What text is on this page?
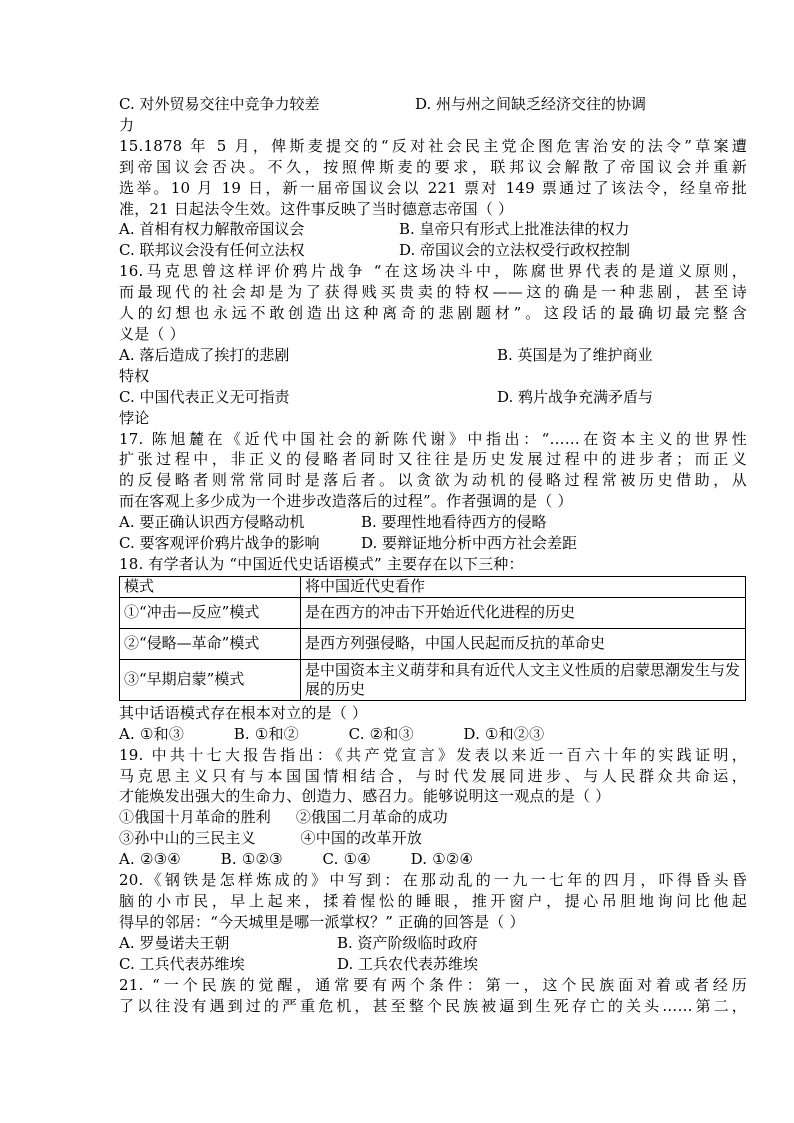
C. 对外贸易交往中竞争力较差	D. 州与州之间缺乏经济交往的协调
力
15.1878 年 5 月，俾斯麦提交的“反对社会民主党企图危害治安的法令”草案遭
到帝国议会否决。不久，按照俾斯麦的要求，联邦议会解散了帝国议会并重新
选举。10 月 19 日，新一届帝国议会以 221 票对 149 票通过了该法令，经皇帝批
准，21 日起法令生效。这件事反映了当时德意志帝国（ ）
A. 首相有权力解散帝国议会	B. 皇帝只有形式上批准法律的权力
C. 联邦议会没有任何立法权	D. 帝国议会的立法权受行政权控制
16.马克思曾这样评价鸦片战争 “在这场决斗中，陈腐世界代表的是道义原则，
而最现代的社会却是为了获得贱买贵卖的特权——这的确是一种悲剧，甚至诗
人的幻想也永远不敢创造出这种离奇的悲剧题材”。这段话的最确切最完整含
义是（ ）
A. 落后造成了挨打的悲剧	B. 英国是为了维护商业
特权
C. 中国代表正义无可指责	D. 鸦片战争充满矛盾与
悖论
17. 陈旭麓在《近代中国社会的新陈代谢》中指出：“……在资本主义的世界性
扩张过程中，非正义的侵略者同时又往往是历史发展过程中的进步者；而正义
的反侵略者则常常同时是落后者。以贪欲为动机的侵略过程常被历史借助，从
而在客观上多少成为一个进步改造落后的过程”。作者强调的是（ ）
A. 要正确认识西方侵略动机	B. 要理性地看待西方的侵略
C. 要客观评价鸦片战争的影响	D. 要辩证地分析中西方社会差距
18. 有学者认为 “中国近代史话语模式” 主要存在以下三种：
模式	将中国近代史看作
①“冲击—反应”模式	是在西方的冲击下开始近代化进程的历史
②“侵略—革命”模式	是西方列强侵略，中国人民起而反抗的革命史
③“早期启蒙”模式	是中国资本主义萌芽和具有近代人文主义性质的启蒙思潮发生与发展的历史
其中话语模式存在根本对立的是（ ）
A. ①和③          B. ①和②          C. ②和③          D. ①和②③
19. 中共十七大报告指出：《共产党宣言》发表以来近一百六十年的实践证明，
马克思主义只有与本国国情相结合，与时代发展同进步、与人民群众共命运，
才能焕发出强大的生命力、创造力、感召力。能够说明这一观点的是（ ）
①俄国十月革命的胜利     ②俄国二月革命的成功
③孙中山的三民主义         ④中国的改革开放
A. ②③④        B. ①②③        C. ①④        D. ①②④
20.《钢铁是怎样炼成的》中写到：在那动乱的一九一七年的四月，吓得昏头昏
脑的小市民，早上起来，揉着惺忪的睡眼，推开窗户，提心吊胆地询问比他起
得早的邻居：“今天城里是哪一派掌权？” 正确的回答是（ ）
A. 罗曼诺夫王朝	B. 资产阶级临时政府
C. 工兵代表苏维埃	D. 工兵农代表苏维埃
21. “一个民族的觉醒，通常要有两个条件：第一，这个民族面对着或者经历
了以往没有遇到过的严重危机，甚至整个民族被逼到生死存亡的关头……第二，
